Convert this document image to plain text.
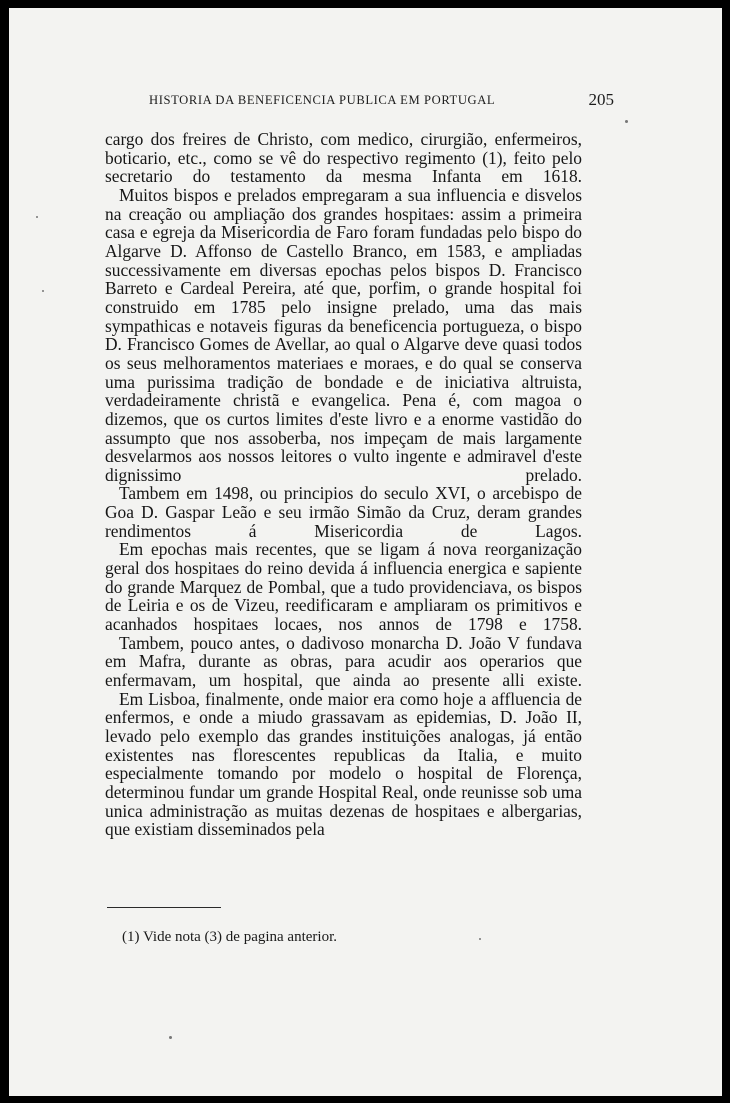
HISTORIA DA BENEFICENCIA PUBLICA EM PORTUGAL	205

cargo dos freires de Christo, com medico, cirurgião, enfermeiros, boticario, etc., como se vê do respectivo regimento (1), feito pelo secretario do testamento da mesma Infanta em 1618.

Muitos bispos e prelados empregaram a sua influencia e disvelos na creação ou ampliação dos grandes hospitaes: assim a primeira casa e egreja da Misericordia de Faro foram fundadas pelo bispo do Algarve D. Affonso de Castello Branco, em 1583, e ampliadas successivamente em diversas epochas pelos bispos D. Francisco Barreto e Cardeal Pereira, até que, porfim, o grande hospital foi construido em 1785 pelo insigne prelado, uma das mais sympathicas e notaveis figuras da beneficencia portugueza, o bispo D. Francisco Gomes de Avellar, ao qual o Algarve deve quasi todos os seus melhoramentos materiaes e moraes, e do qual se conserva uma purissima tradição de bondade e de iniciativa altruista, verdadeiramente christã e evangelica. Pena é, com magoa o dizemos, que os curtos limites d'este livro e a enorme vastidão do assumpto que nos assoberba, nos impeçam de mais largamente desvelarmos aos nossos leitores o vulto ingente e admiravel d'este dignissimo prelado.

Tambem em 1498, ou principios do seculo XVI, o arcebispo de Goa D. Gaspar Leão e seu irmão Simão da Cruz, deram grandes rendimentos á Misericordia de Lagos.

Em epochas mais recentes, que se ligam á nova reorganização geral dos hospitaes do reino devida á influencia energica e sapiente do grande Marquez de Pombal, que a tudo providenciava, os bispos de Leiria e os de Vizeu, reedificaram e ampliaram os primitivos e acanhados hospitaes locaes, nos annos de 1798 e 1758.

Tambem, pouco antes, o dadivoso monarcha D. João V fundava em Mafra, durante as obras, para acudir aos operarios que enfermavam, um hospital, que ainda ao presente alli existe.

Em Lisboa, finalmente, onde maior era como hoje a affluencia de enfermos, e onde a miudo grassavam as epidemias, D. João II, levado pelo exemplo das grandes instituições analogas, já então existentes nas florescentes republicas da Italia, e muito especialmente tomando por modelo o hospital de Florença, determinou fundar um grande Hospital Real, onde reunisse sob uma unica administração as muitas dezenas de hospitaes e albergarias, que existiam disseminados pela

(1) Vide nota (3) de pagina anterior.
